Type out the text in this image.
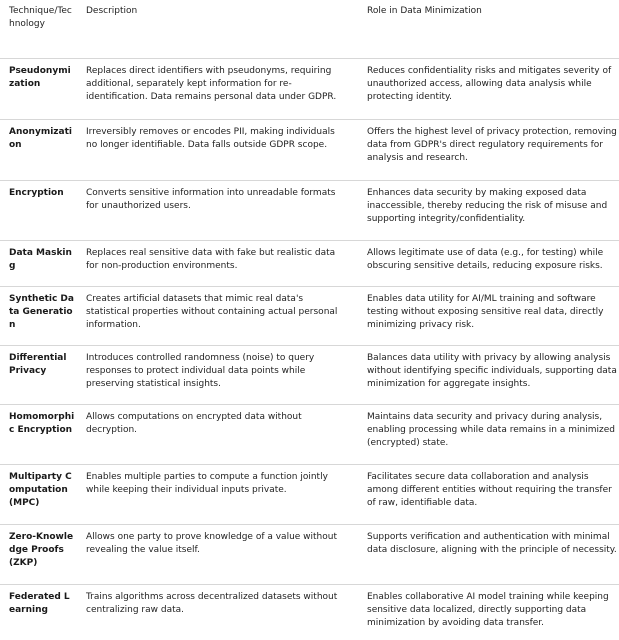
Technique/Technology
Description	Role in Data Minimization
Pseudonymization
Replaces direct identifiers with pseudonyms, requiring additional, separately kept information for re-identification. Data remains personal data under GDPR.
Reduces confidentiality risks and mitigates severity of unauthorized access, allowing data analysis while protecting identity.
Anonymization
Irreversibly removes or encodes PII, making individuals no longer identifiable. Data falls outside GDPR scope.
Offers the highest level of privacy protection, removing data from GDPR's direct regulatory requirements for analysis and research.
Encryption	Converts sensitive information into unreadable formats for unauthorized users.
Enhances data security by making exposed data inaccessible, thereby reducing the risk of misuse and supporting integrity/confidentiality.
Data Masking
Replaces real sensitive data with fake but realistic data for non-production environments.
Allows legitimate use of data (e.g., for testing) while obscuring sensitive details, reducing exposure risks.
Synthetic Data Generation
Creates artificial datasets that mimic real data's statistical properties without containing actual personal information.
Enables data utility for AI/ML training and software testing without exposing sensitive real data, directly minimizing privacy risk.
Differential Privacy
Introduces controlled randomness (noise) to query responses to protect individual data points while preserving statistical insights.
Balances data utility with privacy by allowing analysis without identifying specific individuals, supporting data minimization for aggregate insights.
Homomorphic Encryption
Allows computations on encrypted data without decryption.
Maintains data security and privacy during analysis, enabling processing while data remains in a minimized (encrypted) state.
Multiparty Computation (MPC)
Enables multiple parties to compute a function jointly while keeping their individual inputs private.
Facilitates secure data collaboration and analysis among different entities without requiring the transfer of raw, identifiable data.
Zero-Knowledge Proofs (ZKP)
Allows one party to prove knowledge of a value without revealing the value itself.
Supports verification and authentication with minimal data disclosure, aligning with the principle of necessity.
Federated Learning
Trains algorithms across decentralized datasets without centralizing raw data.
Enables collaborative AI model training while keeping sensitive data localized, directly supporting data minimization by avoiding data transfer.
